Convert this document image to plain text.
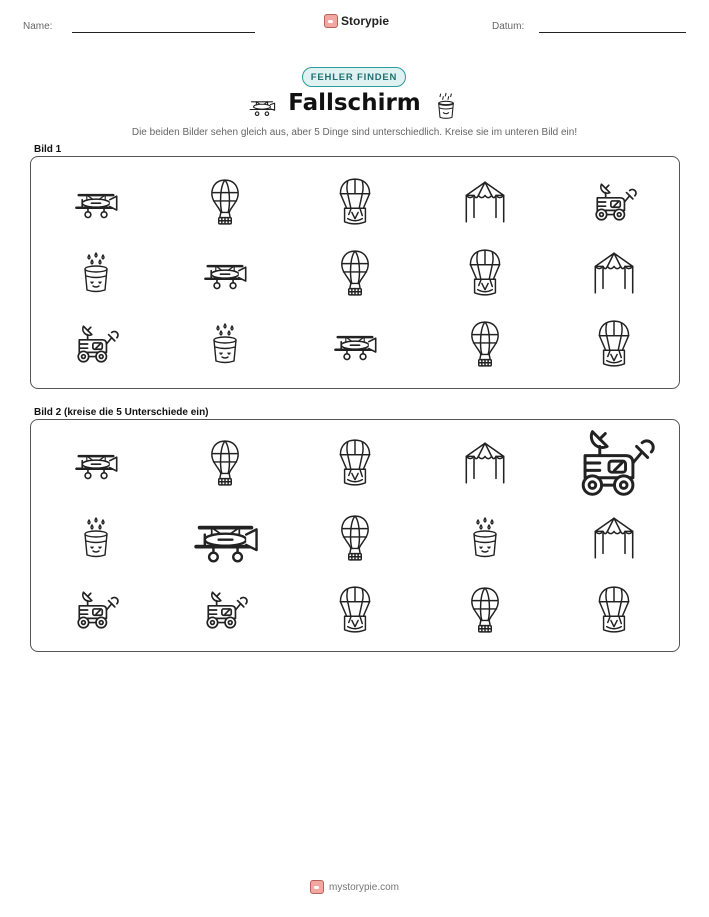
Name:	Storypie	Datum:
FEHLER FINDEN
Fallschirm
Die beiden Bilder sehen gleich aus, aber 5 Dinge sind unterschiedlich. Kreise sie im unteren Bild ein!
Bild 1
Bild 2 (kreise die 5 Unterschiede ein)
mystorypie.com
